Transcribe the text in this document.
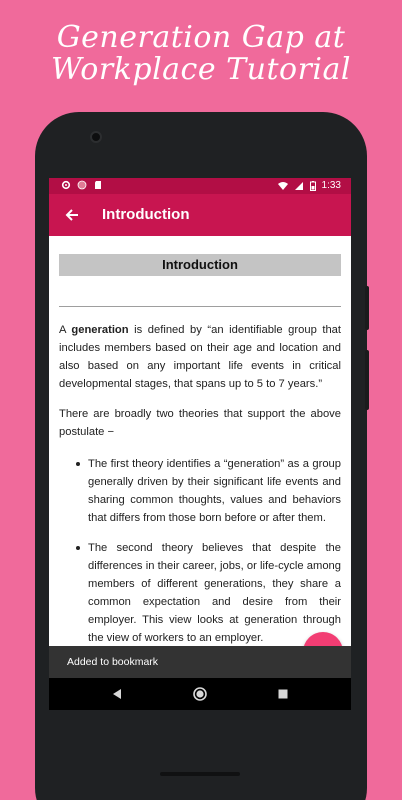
Generation Gap at Workplace Tutorial
1:33
Introduction
Introduction

A generation is defined by “an identifiable group that includes members based on their age and location and also based on any important life events in critical developmental stages, that spans up to 5 to 7 years.”

There are broadly two theories that support the above postulate −

The first theory identifies a “generation” as a group generally driven by their significant life events and sharing common thoughts, values and behaviors that differs from those born before or after them.
The second theory believes that despite the differences in their career, jobs, or life-cycle among members of different generations, they share a common expectation and desire from their employer. This view looks at generation through the view of workers to an employer.
Added to bookmark
